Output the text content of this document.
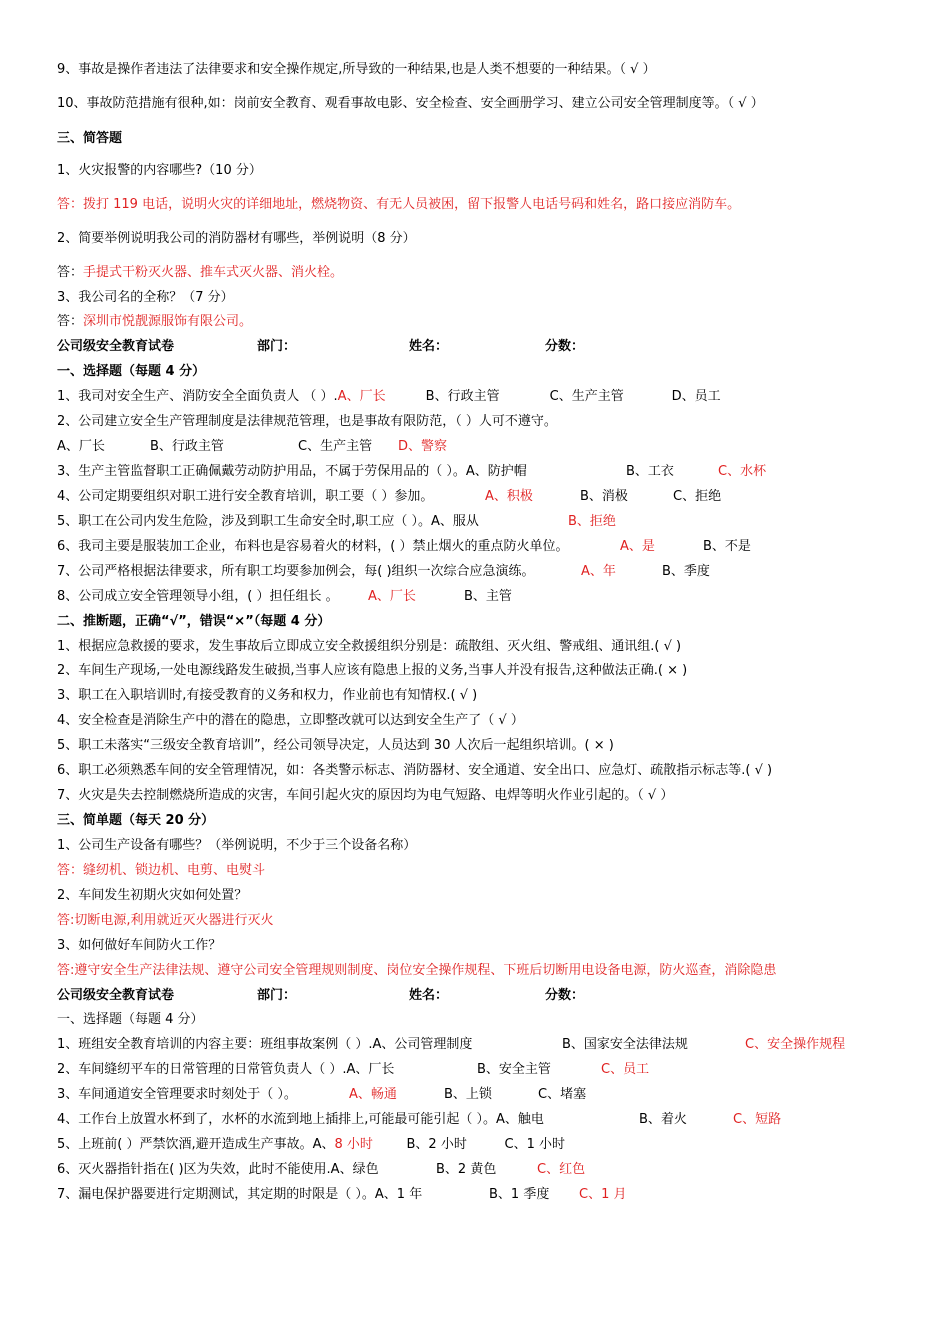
9、事故是操作者违法了法律要求和安全操作规定,所导致的一种结果,也是人类不想要的一种结果。（ √ ）
10、事故防范措施有很种,如：岗前安全教育、观看事故电影、安全检查、安全画册学习、建立公司安全管理制度等。（ √ ）
三、简答题
1、火灾报警的内容哪些?（10 分）
答：拨打 119 电话，说明火灾的详细地址，燃烧物资、有无人员被困，留下报警人电话号码和姓名，路口接应消防车。
2、简要举例说明我公司的消防器材有哪些，举例说明（8 分）
答：手提式干粉灭火器、推车式灭火器、消火栓。
3、我公司名的全称？（7 分）
答：深圳市悦靓源服饰有限公司。
公司级安全教育试卷	部门：	姓名：	分数：
一、选择题（每题 4 分）
1、我司对安全生产、消防安全全面负责人 （ ）.A、厂长	B、行政主管	C、生产主管	D、员工
2、公司建立安全生产管理制度是法律规范管理，也是事故有限防范，（ ）人可不遵守。
A、厂长	B、行政主管	C、生产主管 D、警察
3、生产主管监督职工正确佩戴劳动防护用品，不属于劳保用品的（ ）。A、防护帽	B、工衣	C、水杯
4、公司定期要组织对职工进行安全教育培训，职工要（ ）参加。	A、积极	B、消极	C、拒绝
5、职工在公司内发生危险，涉及到职工生命安全时,职工应（ ）。A、服从	B、拒绝
6、我司主要是服装加工企业，布料也是容易着火的材料，( ）禁止烟火的重点防火单位。	A、是	B、不是
7、公司严格根据法律要求，所有职工均要参加例会，每( )组织一次综合应急演练。	A、年	B、季度
8、公司成立安全管理领导小组，( ）担任组长 。 A、厂长	B、主管
二、推断题，正确“√”，错误“×”（每题 4 分）
1、根据应急救援的要求，发生事故后立即成立安全救援组织分别是：疏散组、灭火组、警戒组、通讯组.( √ )
2、车间生产现场,一处电源线路发生破损,当事人应该有隐患上报的义务,当事人并没有报告,这种做法正确.( × )
3、职工在入职培训时,有接受教育的义务和权力，作业前也有知情权.( √ )
4、安全检查是消除生产中的潜在的隐患，立即整改就可以达到安全生产了（ √ ）
5、职工未落实“三级安全教育培训”，经公司领导决定，人员达到 30 人次后一起组织培训。( × )
6、职工必须熟悉车间的安全管理情况，如：各类警示标志、消防器材、安全通道、安全出口、应急灯、疏散指示标志等.( √ )
7、火灾是失去控制燃烧所造成的灾害，车间引起火灾的原因均为电气短路、电焊等明火作业引起的。（ √ ）
三、简单题（每天 20 分）
1、公司生产设备有哪些？（举例说明，不少于三个设备名称）
答：缝纫机、锁边机、电剪、电熨斗
2、车间发生初期火灾如何处置？
答:切断电源,利用就近灭火器进行灭火
3、如何做好车间防火工作？
答:遵守安全生产法律法规、遵守公司安全管理规则制度、岗位安全操作规程、下班后切断用电设备电源，防火巡查，消除隐患
公司级安全教育试卷	部门：	姓名：	分数：
一、选择题（每题 4 分）
1、班组安全教育培训的内容主要：班组事故案例（ ）.A、公司管理制度	B、国家安全法律法规	C、安全操作规程
2、车间缝纫平车的日常管理的日常管负责人（ ）.A、厂长	B、安全主管	C、员工
3、车间通道安全管理要求时刻处于（ ）。	A、畅通	B、上锁	C、堵塞
4、工作台上放置水杯到了，水杯的水流到地上插排上,可能最可能引起（ ）。A、触电	B、着火	C、短路
5、上班前( ）严禁饮酒,避开造成生产事故。A、8 小时	B、2 小时	C、1 小时
6、灭火器指针指在( )区为失效，此时不能使用.A、绿色	B、2 黄色	C、红色
7、漏电保护器要进行定期测试，其定期的时限是（ ）。A、1 年	B、1 季度 C、1 月
